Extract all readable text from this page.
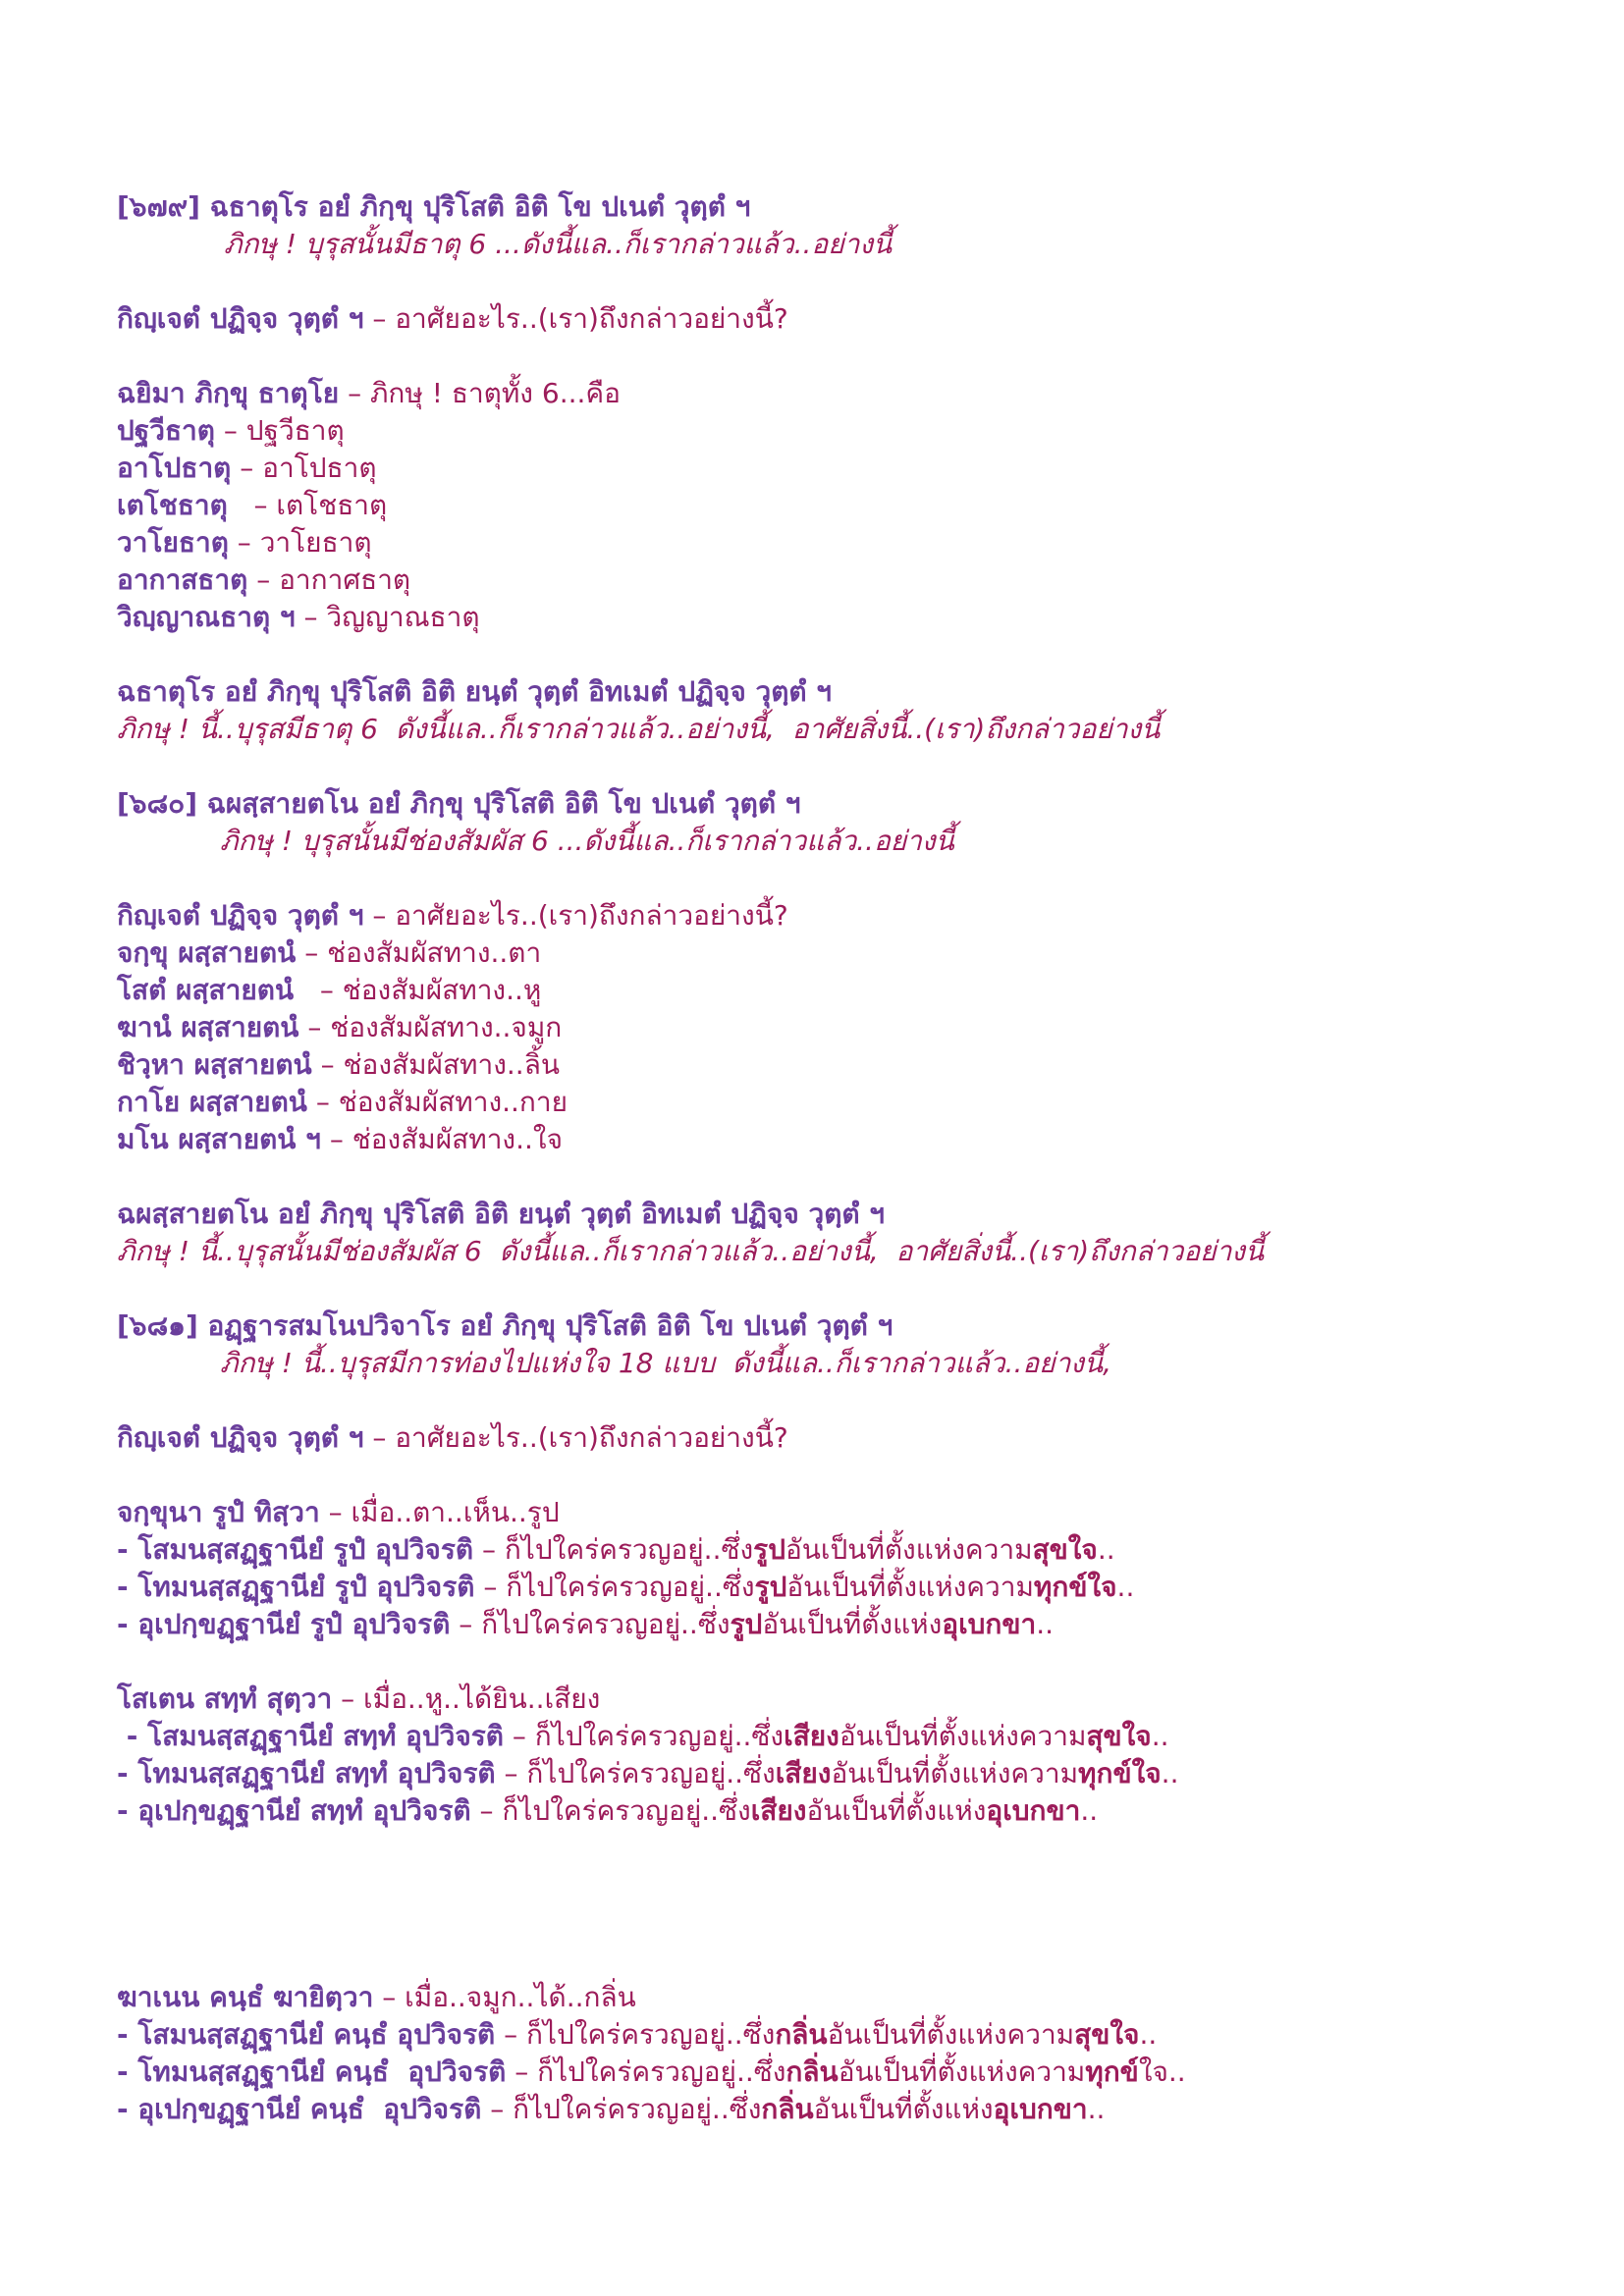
[๖๗๙] ฉธาตุโร อยํ ภิกฺขุ ปุริโสติ อิติ โข ปเนตํ วุตฺตํ ฯ
ภิกษุ ! บุรุสนั้นมีธาตุ 6 ...ดังนี้แล..ก็เรากล่าวแล้ว..อย่างนี้
กิญฺเจตํ ปฏิจฺจ วุตฺตํ ฯ – อาศัยอะไร..(เรา)ถึงกล่าวอย่างนี้?
ฉยิมา ภิกฺขุ ธาตุโย – ภิกษุ ! ธาตุทั้ง 6...คือ
ปฐวีธาตุ – ปฐวีธาตุ
อาโปธาตุ – อาโปธาตุ
เตโชธาตุ   – เตโชธาตุ
วาโยธาตุ – วาโยธาตุ
อากาสธาตุ – อากาศธาตุ
วิญฺญาณธาตุ ฯ – วิญญาณธาตุ
ฉธาตุโร อยํ ภิกฺขุ ปุริโสติ อิติ ยนฺตํ วุตฺตํ อิทเมตํ ปฏิจฺจ วุตฺตํ ฯ
ภิกษุ ! นี้..บุรุสมีธาตุ 6  ดังนี้แล..ก็เรากล่าวแล้ว..อย่างนี้,  อาศัยสิ่งนี้..(เรา)ถึงกล่าวอย่างนี้
[๖๘๐] ฉผสฺสายตโน อยํ ภิกฺขุ ปุริโสติ อิติ โข ปเนตํ วุตฺตํ ฯ
ภิกษุ ! บุรุสนั้นมีช่องสัมผัส 6 ...ดังนี้แล..ก็เรากล่าวแล้ว..อย่างนี้
กิญฺเจตํ ปฏิจฺจ วุตฺตํ ฯ – อาศัยอะไร..(เรา)ถึงกล่าวอย่างนี้?
จกฺขุ ผสฺสายตนํ – ช่องสัมผัสทาง..ตา
โสตํ ผสฺสายตนํ   – ช่องสัมผัสทาง..หู
ฆานํ ผสฺสายตนํ – ช่องสัมผัสทาง..จมูก
ชิวฺหา ผสฺสายตนํ – ช่องสัมผัสทาง..ลิ้น
กาโย ผสฺสายตนํ – ช่องสัมผัสทาง..กาย
มโน ผสฺสายตนํ ฯ – ช่องสัมผัสทาง..ใจ
ฉผสฺสายตโน อยํ ภิกฺขุ ปุริโสติ อิติ ยนฺตํ วุตฺตํ อิทเมตํ ปฏิจฺจ วุตฺตํ ฯ
ภิกษุ ! นี้..บุรุสนั้นมีช่องสัมผัส 6  ดังนี้แล..ก็เรากล่าวแล้ว..อย่างนี้,  อาศัยสิ่งนี้..(เรา)ถึงกล่าวอย่างนี้
[๖๘๑] อฏฺฐารสมโนปวิจาโร อยํ ภิกฺขุ ปุริโสติ อิติ โข ปเนตํ วุตฺตํ ฯ
ภิกษุ ! นี้..บุรุสมีการท่องไปแห่งใจ 18 แบบ  ดังนี้แล..ก็เรากล่าวแล้ว..อย่างนี้,
กิญฺเจตํ ปฏิจฺจ วุตฺตํ ฯ – อาศัยอะไร..(เรา)ถึงกล่าวอย่างนี้?
จกฺขุนา รูปํ ทิสฺวา – เมื่อ..ตา..เห็น..รูป
- โสมนสฺสฏฺฐานียํ รูปํ อุปวิจรติ – ก็ไปใคร่ครวญอยู่..ซึ่งรูปอันเป็นที่ตั้งแห่งความสุขใจ..
- โทมนสฺสฏฺฐานียํ รูปํ อุปวิจรติ – ก็ไปใคร่ครวญอยู่..ซึ่งรูปอันเป็นที่ตั้งแห่งความทุกข์ใจ..
- อุเปกฺขฏฺฐานียํ รูปํ อุปวิจรติ – ก็ไปใคร่ครวญอยู่..ซึ่งรูปอันเป็นที่ตั้งแห่งอุเบกขา..
โสเตน สทฺทํ สุตฺวา – เมื่อ..หู..ได้ยิน..เสียง
- โสมนสฺสฏฺฐานียํ สทฺทํ อุปวิจรติ – ก็ไปใคร่ครวญอยู่..ซึ่งเสียงอันเป็นที่ตั้งแห่งความสุขใจ..
- โทมนสฺสฏฺฐานียํ สทฺทํ อุปวิจรติ – ก็ไปใคร่ครวญอยู่..ซึ่งเสียงอันเป็นที่ตั้งแห่งความทุกข์ใจ..
- อุเปกฺขฏฺฐานียํ สทฺทํ อุปวิจรติ – ก็ไปใคร่ครวญอยู่..ซึ่งเสียงอันเป็นที่ตั้งแห่งอุเบกขา..
ฆาเนน คนฺธํ ฆายิตฺวา – เมื่อ..จมูก..ได้..กลิ่น
- โสมนสฺสฏฺฐานียํ คนฺธํ อุปวิจรติ – ก็ไปใคร่ครวญอยู่..ซึ่งกลิ่นอันเป็นที่ตั้งแห่งความสุขใจ..
- โทมนสฺสฏฺฐานียํ คนฺธํ  อุปวิจรติ – ก็ไปใคร่ครวญอยู่..ซึ่งกลิ่นอันเป็นที่ตั้งแห่งความทุกข์ใจ..
- อุเปกฺขฏฺฐานียํ คนฺธํ  อุปวิจรติ – ก็ไปใคร่ครวญอยู่..ซึ่งกลิ่นอันเป็นที่ตั้งแห่งอุเบกขา..
